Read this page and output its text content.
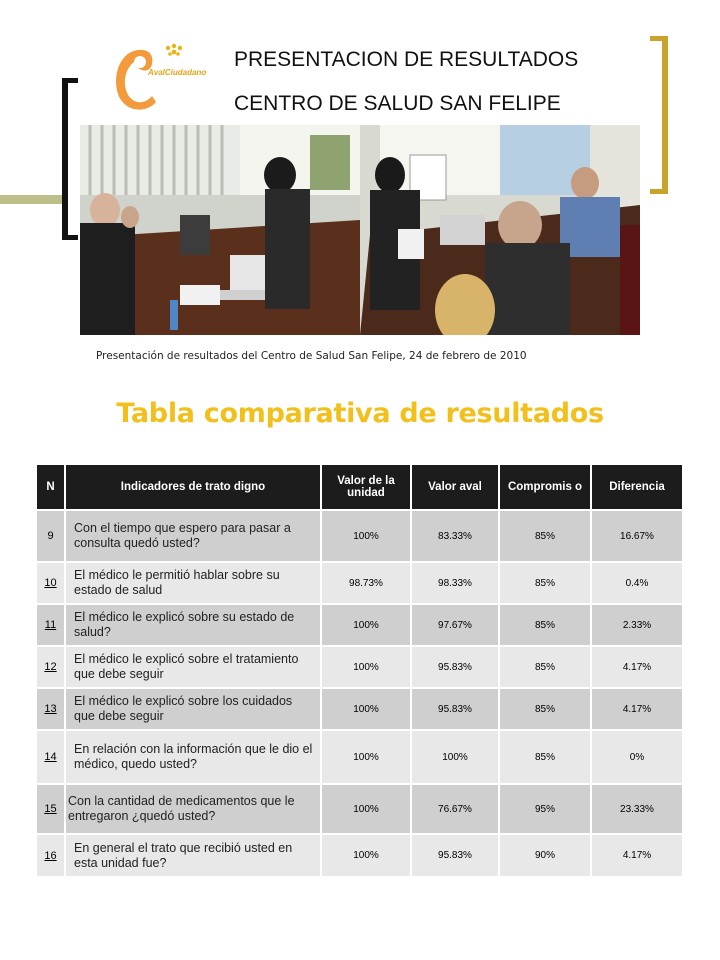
AvalCiudadano
PRESENTACION DE RESULTADOS
CENTRO DE SALUD SAN FELIPE
Presentación de resultados del Centro de Salud San Felipe, 24 de febrero de 2010
Tabla comparativa de resultados
N	Indicadores de trato digno	Valor de la unidad	Valor aval	Compromis o	Diferencia
9	Con el tiempo que espero para pasar a consulta quedó usted?	100%	83.33%	85%	16.67%
10	El médico le permitió hablar sobre su estado de salud	98.73%	98.33%	85%	0.4%
11	El médico le explicó sobre su estado de salud?	100%	97.67%	85%	2.33%
12	El médico le explicó sobre el tratamiento que debe seguir	100%	95.83%	85%	4.17%
13	El médico le explicó sobre los cuidados que debe seguir	100%	95.83%	85%	4.17%
14	En relación con la información que le dio el médico, quedo usted?	100%	100%	85%	0%
15	Con la cantidad de medicamentos que le entregaron ¿quedó usted?	100%	76.67%	95%	23.33%
16	En general el trato que recibió usted en esta unidad fue?	100%	95.83%	90%	4.17%
